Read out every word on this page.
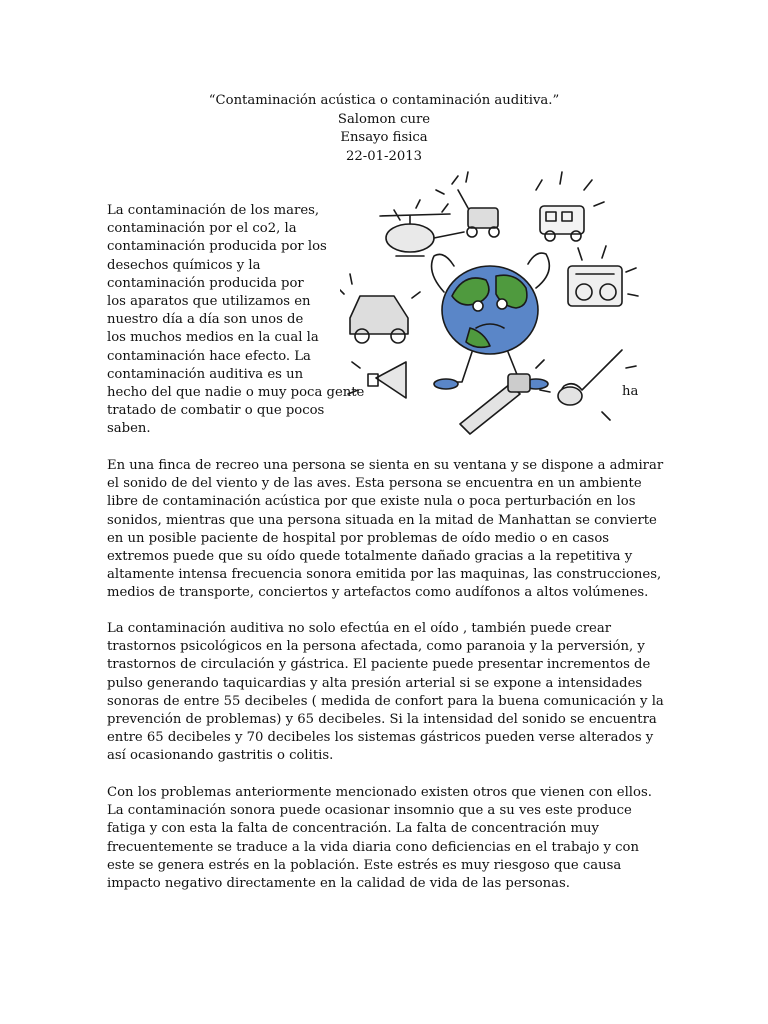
“Contaminación acústica o contaminación auditiva.”
Salomon cure
Ensayo fisica
22-01-2013
La contaminación de los mares,
contaminación por el co2, la
contaminación producida por los
desechos químicos y la
contaminación producida por
los aparatos que utilizamos en
nuestro día a día son unos de
los muchos medios en la cual la
contaminación hace efecto. La
contaminación auditiva es un
hecho del que nadie o muy poca gente
tratado de combatir o que pocos
saben.
ha
En una finca de recreo una persona se sienta en su ventana y se dispone a admirar el sonido de del viento y de las aves. Esta persona se encuentra en un ambiente libre de contaminación acústica por que existe nula o poca perturbación en los sonidos, mientras que una persona situada en la mitad de Manhattan se convierte en un posible paciente de hospital por problemas de oído medio o en casos extremos puede que su oído quede totalmente dañado gracias a la repetitiva y altamente intensa frecuencia sonora emitida por las maquinas, las construcciones, medios de transporte, conciertos y artefactos como audífonos a altos volúmenes.
La contaminación auditiva no solo efectúa en el oído , también puede crear trastornos psicológicos en la persona afectada, como paranoia y la perversión, y trastornos de circulación y gástrica. El paciente puede presentar incrementos de pulso generando taquicardias y alta presión arterial si se expone a intensidades sonoras de entre 55 decibeles ( medida de confort para la buena comunicación y la prevención de problemas) y 65 decibeles. Si la intensidad del sonido se encuentra entre 65 decibeles y 70 decibeles los sistemas gástricos pueden verse alterados y así ocasionando gastritis o colitis.
Con los problemas anteriormente mencionado existen otros que vienen con ellos. La contaminación sonora puede ocasionar insomnio que a su ves este produce fatiga y con esta la falta de concentración. La falta de concentración muy frecuentemente se traduce a la vida diaria cono deficiencias en el trabajo y con este se genera estrés en la población. Este estrés es muy riesgoso que causa impacto negativo directamente en la calidad de vida de las personas.
